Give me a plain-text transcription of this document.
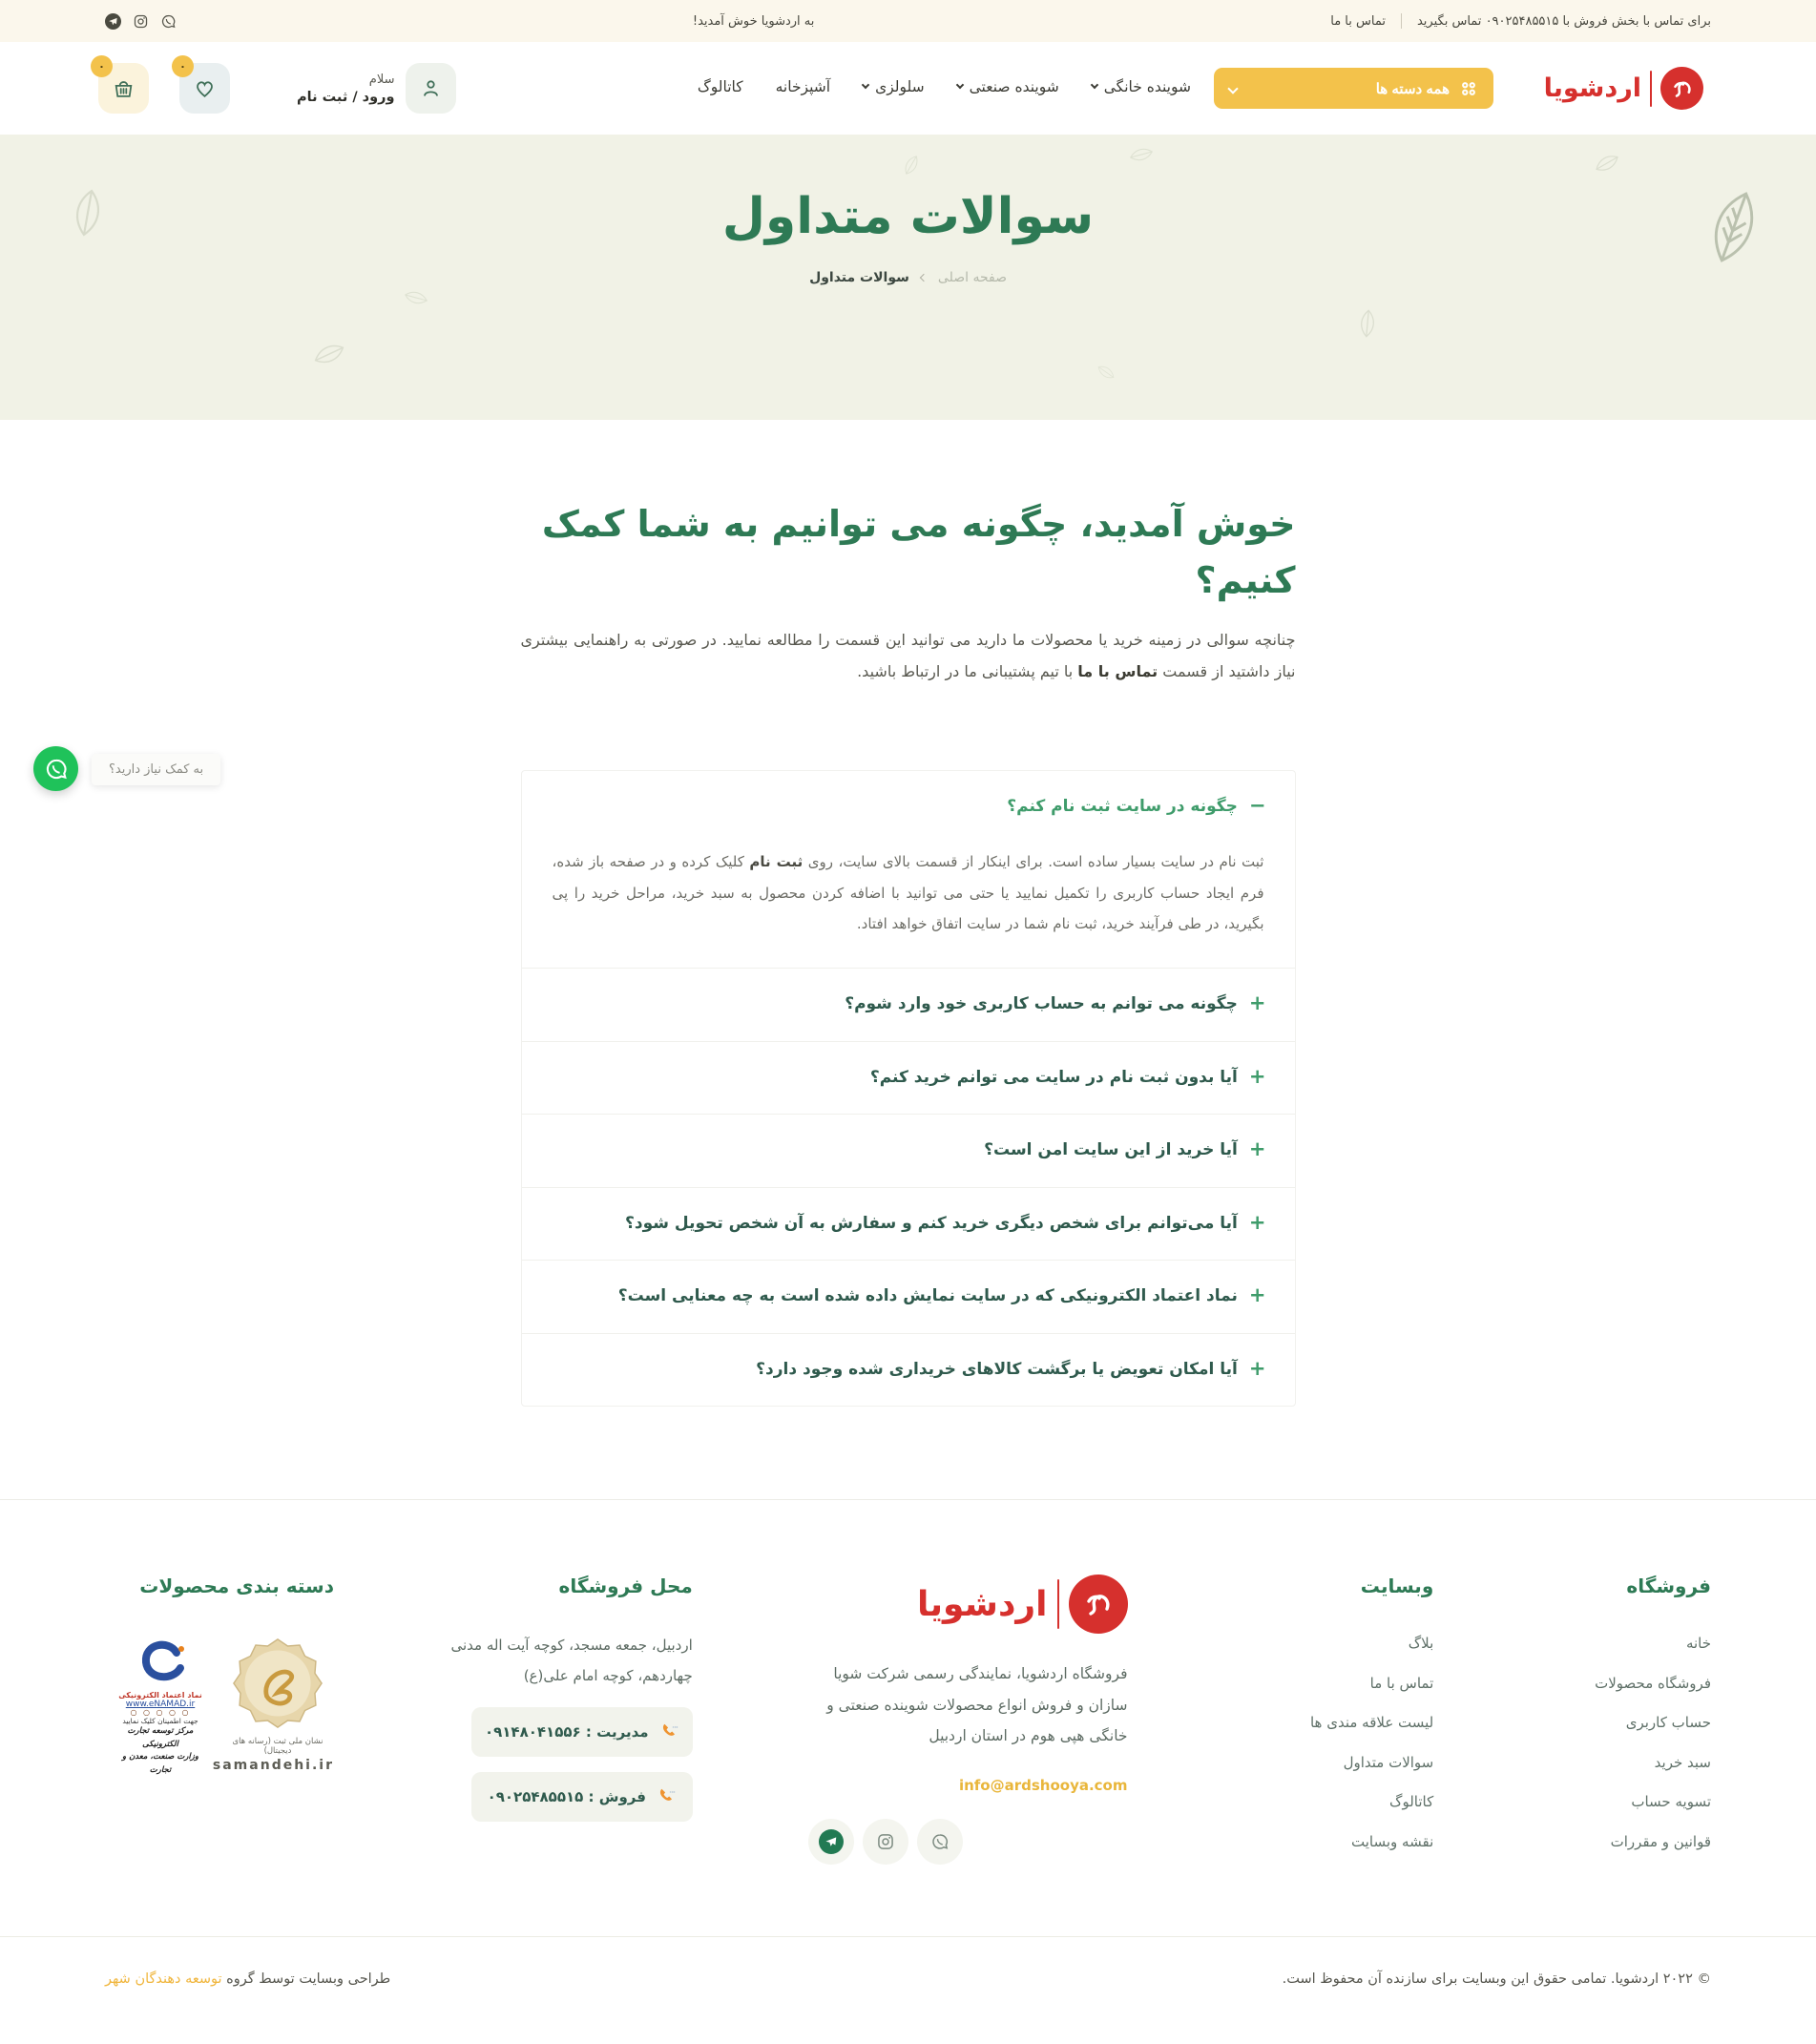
برای تماس با بخش فروش با ۰۹۰۲۵۴۸۵۵۱۵ تماس بگیرید
تماس با ما
به اردشویا خوش آمدید!
اردشویا
همه دسته ها
شوینده خانگی
شوینده صنعتی
سلولزی
آشپزخانه
کاتالوگ
۰	۰
سلام
ورود / ثبت نام
سوالات متداول
صفحه اصلی
سوالات متداول
خوش آمدید، چگونه می توانیم به شما کمک کنیم؟

چنانچه سوالی در زمینه خرید یا محصولات ما دارید می توانید این قسمت را مطالعه نمایید. در صورتی به راهنمایی بیشتری نیاز داشتید از قسمت تماس با ما با تیم پشتیبانی ما در ارتباط باشید.

−
چگونه در سایت ثبت نام کنم؟
ثبت نام در سایت بسیار ساده است. برای اینکار از قسمت بالای سایت، روی ثبت نام کلیک کرده و در صفحه باز شده، فرم ایجاد حساب کاربری را تکمیل نمایید یا حتی می توانید با اضافه کردن محصول به سبد خرید، مراحل خرید را پی بگیرید، در طی فرآیند خرید، ثبت نام شما در سایت اتفاق خواهد افتاد.
+
چگونه می توانم به حساب کاربری خود وارد شوم؟
+
آیا بدون ثبت نام در سایت می توانم خرید کنم؟
+
آیا خرید از این سایت امن است؟
+
آیا می‌توانم برای شخص دیگری خرید کنم و سفارش به آن شخص تحویل شود؟
+
نماد اعتماد الکترونیکی که در سایت نمایش داده شده است به چه معنایی است؟
+
آیا امکان تعویض یا برگشت کالاهای خریداری شده وجود دارد؟
به کمک نیاز دارید؟
فروشگاه
خانه
فروشگاه محصولات
حساب کاربری
سبد خرید
تسویه حساب
قوانین و مقررات
وبسایت
بلاگ
تماس با ما
لیست علاقه مندی ها
سوالات متداول
کاتالوگ
نقشه وبسایت
اردشویا

فروشگاه اردشویا، نمایندگی رسمی شرکت شویا سازان و فروش انواع محصولات شوینده صنعتی و خانگی هپی هوم در استان اردبیل

info@ardshooya.com
محل فروشگاه
اردبیل، جمعه مسجد، کوچه آیت اله مدنی
چهاردهم، کوچه امام علی(ع)
مدیریت : ۰۹۱۴۸۰۴۱۵۵۶
فروش : ۰۹۰۲۵۴۸۵۵۱۵
دسته بندی محصولات
نشان ملی ثبت (رسانه های دیجیتال)
samandehi.ir
نماد اعتماد الکترونیکی
www.eNAMAD.ir
○ ○ ○ ○ ○
جهت اطمینان کلیک نمایید
مرکز توسعه تجارت الکترونیکی
وزارت صنعت، معدن و تجارت
© ۲۰۲۲ اردشویا. تمامی حقوق این وبسایت برای سازنده آن محفوظ است.
طراحی وبسایت توسط گروه توسعه دهندگان شهر
